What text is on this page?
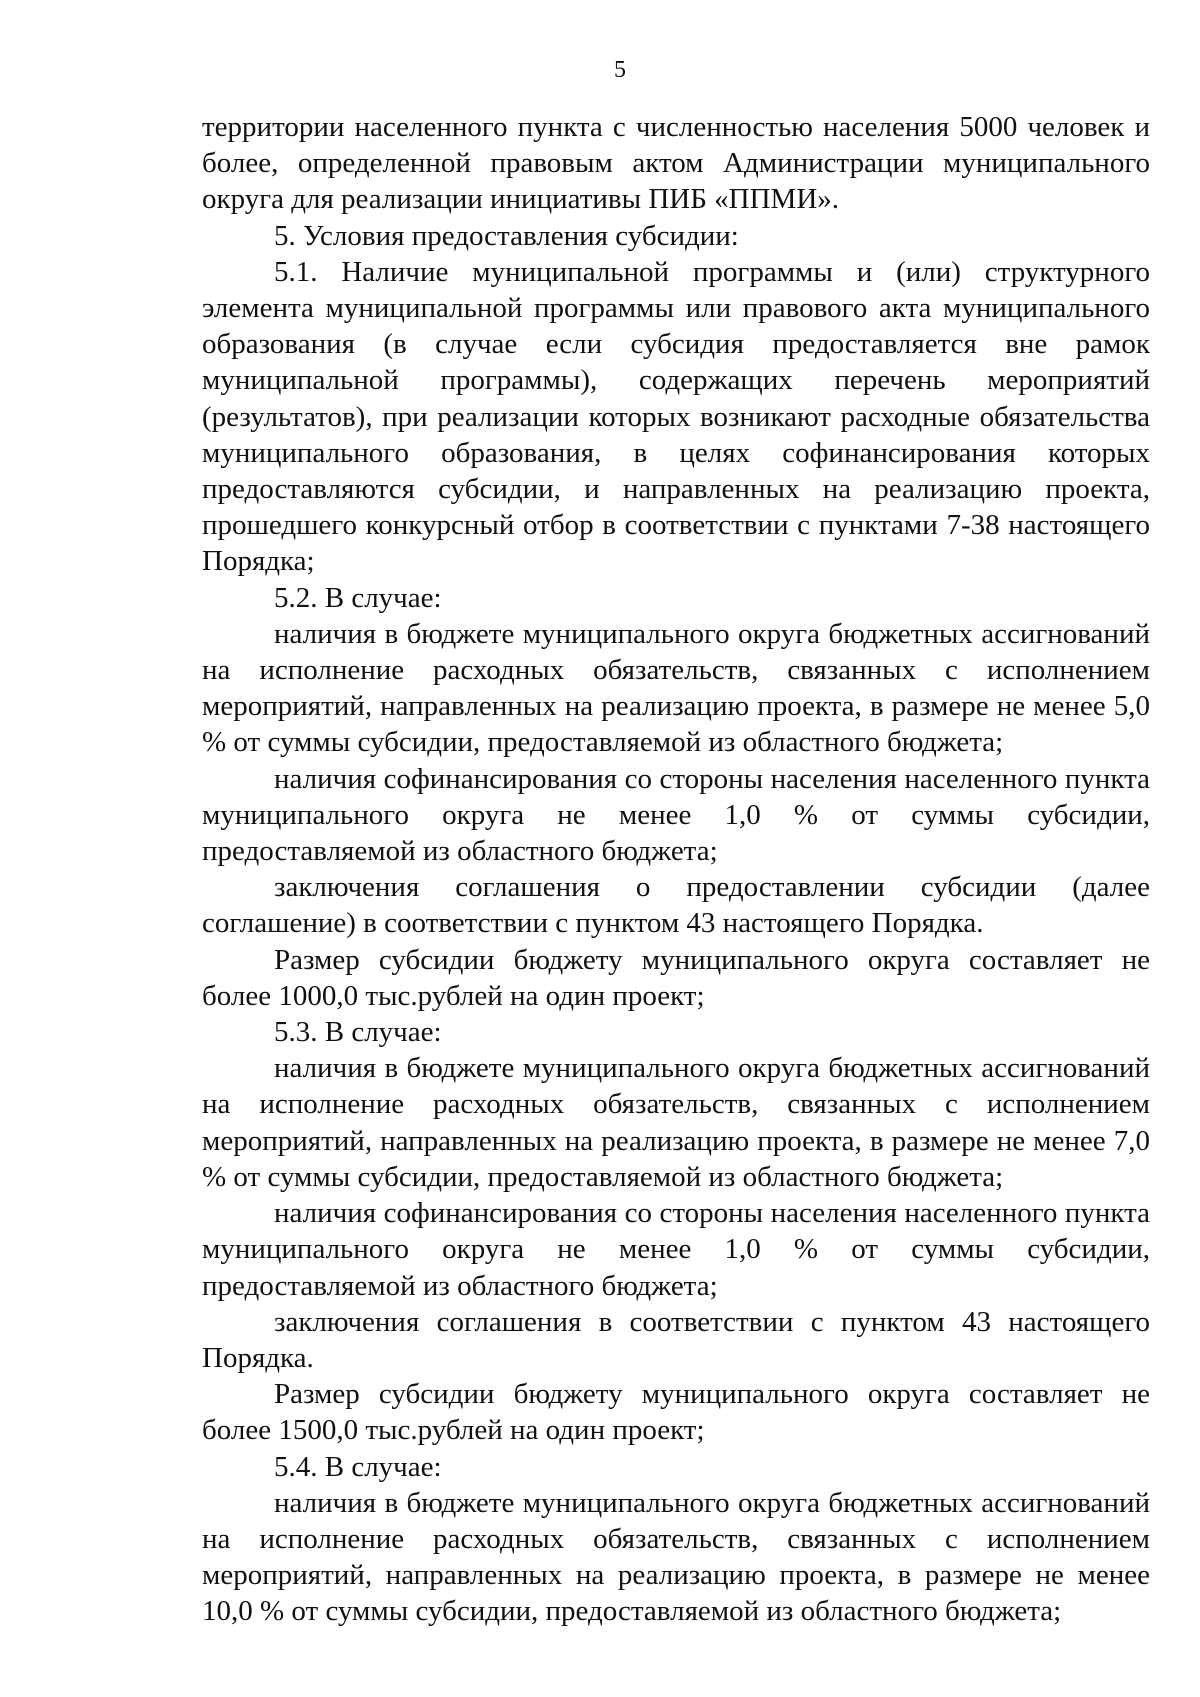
5

территории населенного пункта с численностью населения 5000 человек и более, определенной правовым актом Администрации муниципального округа для реализации инициативы ПИБ «ППМИ».

5. Условия предоставления субсидии:

5.1. Наличие муниципальной программы и (или) структурного элемента муниципальной программы или правового акта муниципального образования (в случае если субсидия предоставляется вне рамок муниципальной программы), содержащих перечень мероприятий (результатов), при реализации которых возникают расходные обязательства муниципального образования, в целях софинансирования которых предоставляются субсидии, и направленных на реализацию проекта, прошедшего конкурсный отбор в соответствии с пунктами 7-38 настоящего Порядка;

5.2. В случае:

наличия в бюджете муниципального округа бюджетных ассигнований на исполнение расходных обязательств, связанных с исполнением мероприятий, направленных на реализацию проекта, в размере не менее 5,0 % от суммы субсидии, предоставляемой из областного бюджета;

наличия софинансирования со стороны населения населенного пункта муниципального округа не менее 1,0 % от суммы субсидии, предоставляемой из областного бюджета;

заключения соглашения о предоставлении субсидии (далее соглашение) в соответствии с пунктом 43 настоящего Порядка.

Размер субсидии бюджету муниципального округа составляет не более 1000,0 тыс.рублей на один проект;

5.3. В случае:

наличия в бюджете муниципального округа бюджетных ассигнований на исполнение расходных обязательств, связанных с исполнением мероприятий, направленных на реализацию проекта, в размере не менее 7,0 % от суммы субсидии, предоставляемой из областного бюджета;

наличия софинансирования со стороны населения населенного пункта муниципального округа не менее 1,0 % от суммы субсидии, предоставляемой из областного бюджета;

заключения соглашения в соответствии с пунктом 43 настоящего Порядка.

Размер субсидии бюджету муниципального округа составляет не более 1500,0 тыс.рублей на один проект;

5.4. В случае:

наличия в бюджете муниципального округа бюджетных ассигнований на исполнение расходных обязательств, связанных с исполнением мероприятий, направленных на реализацию проекта, в размере не менее 10,0 % от суммы субсидии, предоставляемой из областного бюджета;
